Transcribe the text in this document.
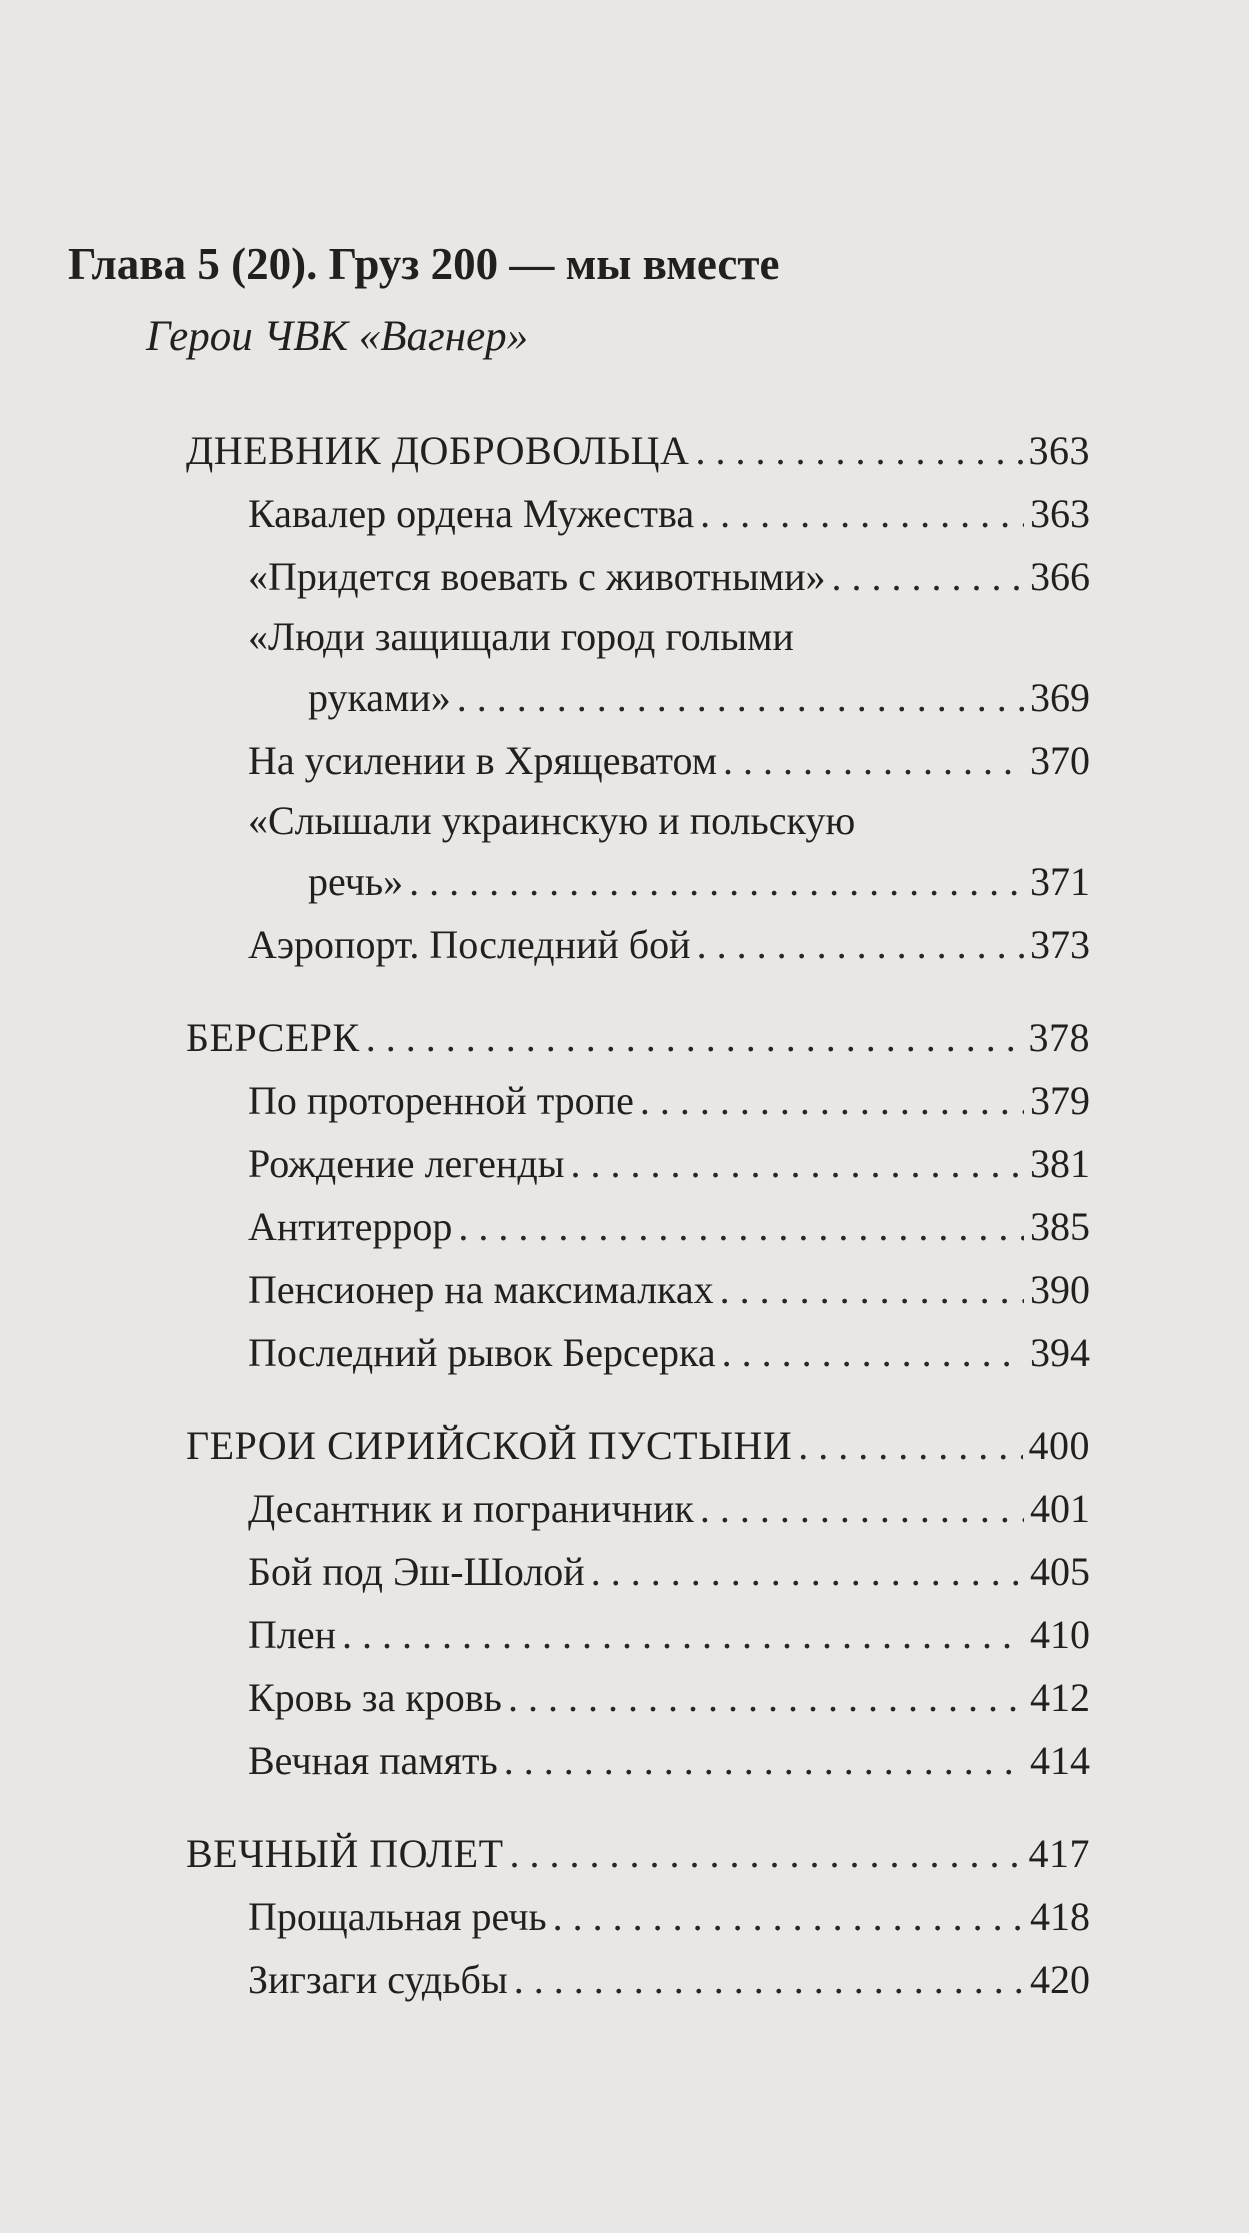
Глава 5 (20). Груз 200 — мы вместе
Герои ЧВК «Вагнер»
ДНЕВНИК ДОБРОВОЛЬЦА . . .	363
Кавалер ордена Мужества . . .	363
«Придется воевать с животными» . . .	366
«Люди защищали город голыми
руками» . . .	369
На усилении в Хрящеватом . . .	370
«Слышали украинскую и польскую
речь» . . .	371
Аэропорт. Последний бой . . .	373
БЕРСЕРК . . .	378
По проторенной тропе . . .	379
Рождение легенды . . .	381
Антитеррор . . .	385
Пенсионер на максималках . . .	390
Последний рывок Берсерка . . .	394
ГЕРОИ СИРИЙСКОЙ ПУСТЫНИ . . .	400
Десантник и пограничник . . .	401
Бой под Эш-Шолой . . .	405
Плен . . .	410
Кровь за кровь . . .	412
Вечная память . . .	414
ВЕЧНЫЙ ПОЛЕТ . . .	417
Прощальная речь . . .	418
Зигзаги судьбы . . .	420
